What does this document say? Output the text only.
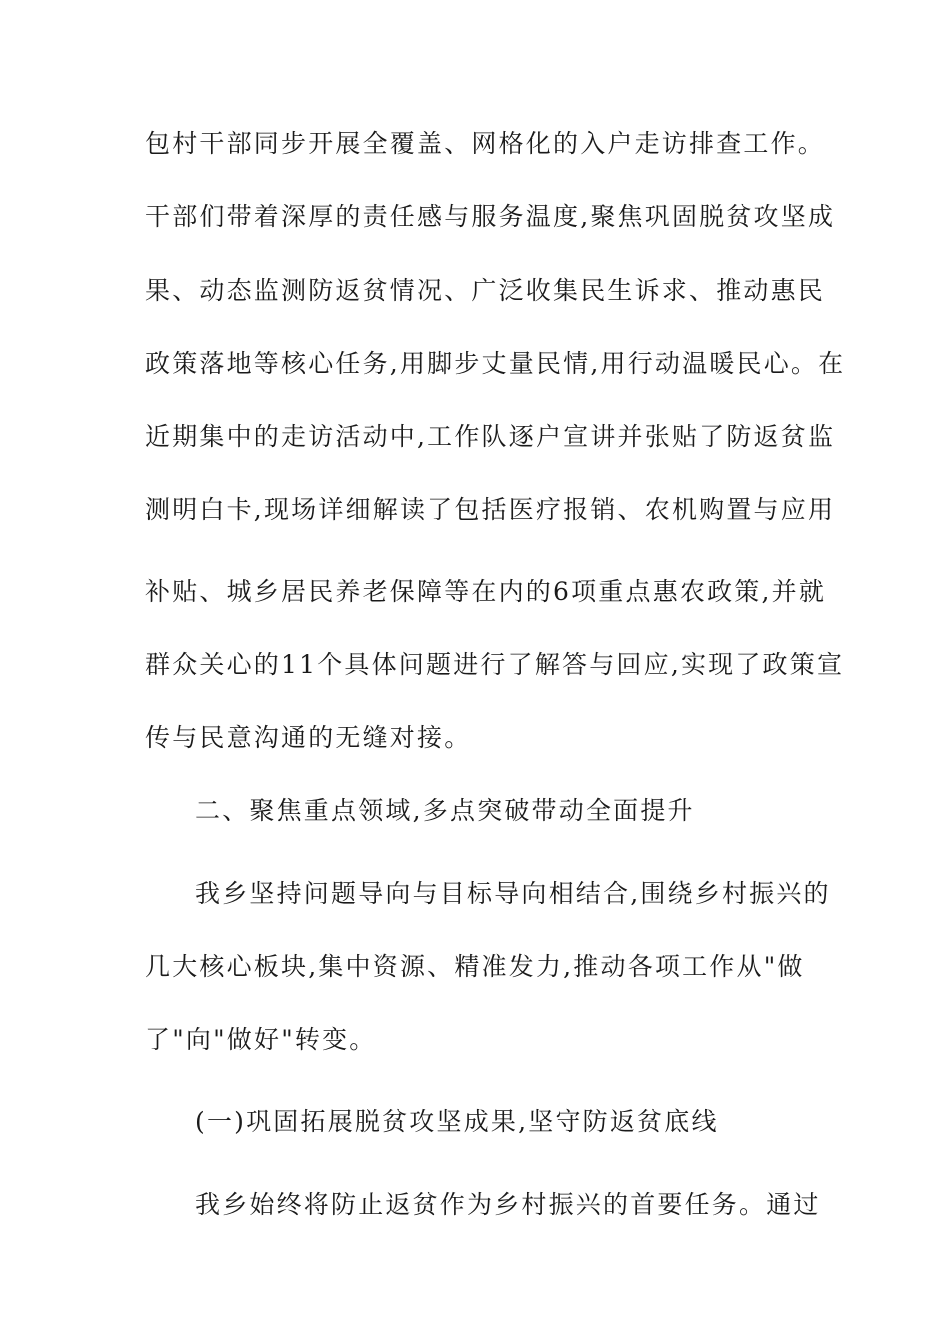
包村干部同步开展全覆盖、网格化的入户走访排查工作。
干部们带着深厚的责任感与服务温度,聚焦巩固脱贫攻坚成
果、动态监测防返贫情况、广泛收集民生诉求、推动惠民
政策落地等核心任务,用脚步丈量民情,用行动温暖民心。在
近期集中的走访活动中,工作队逐户宣讲并张贴了防返贫监
测明白卡,现场详细解读了包括医疗报销、农机购置与应用
补贴、城乡居民养老保障等在内的6项重点惠农政策,并就
群众关心的11个具体问题进行了解答与回应,实现了政策宣
传与民意沟通的无缝对接。
二、聚焦重点领域,多点突破带动全面提升
我乡坚持问题导向与目标导向相结合,围绕乡村振兴的
几大核心板块,集中资源、精准发力,推动各项工作从"做
了"向"做好"转变。
(一)巩固拓展脱贫攻坚成果,坚守防返贫底线
我乡始终将防止返贫作为乡村振兴的首要任务。通过
